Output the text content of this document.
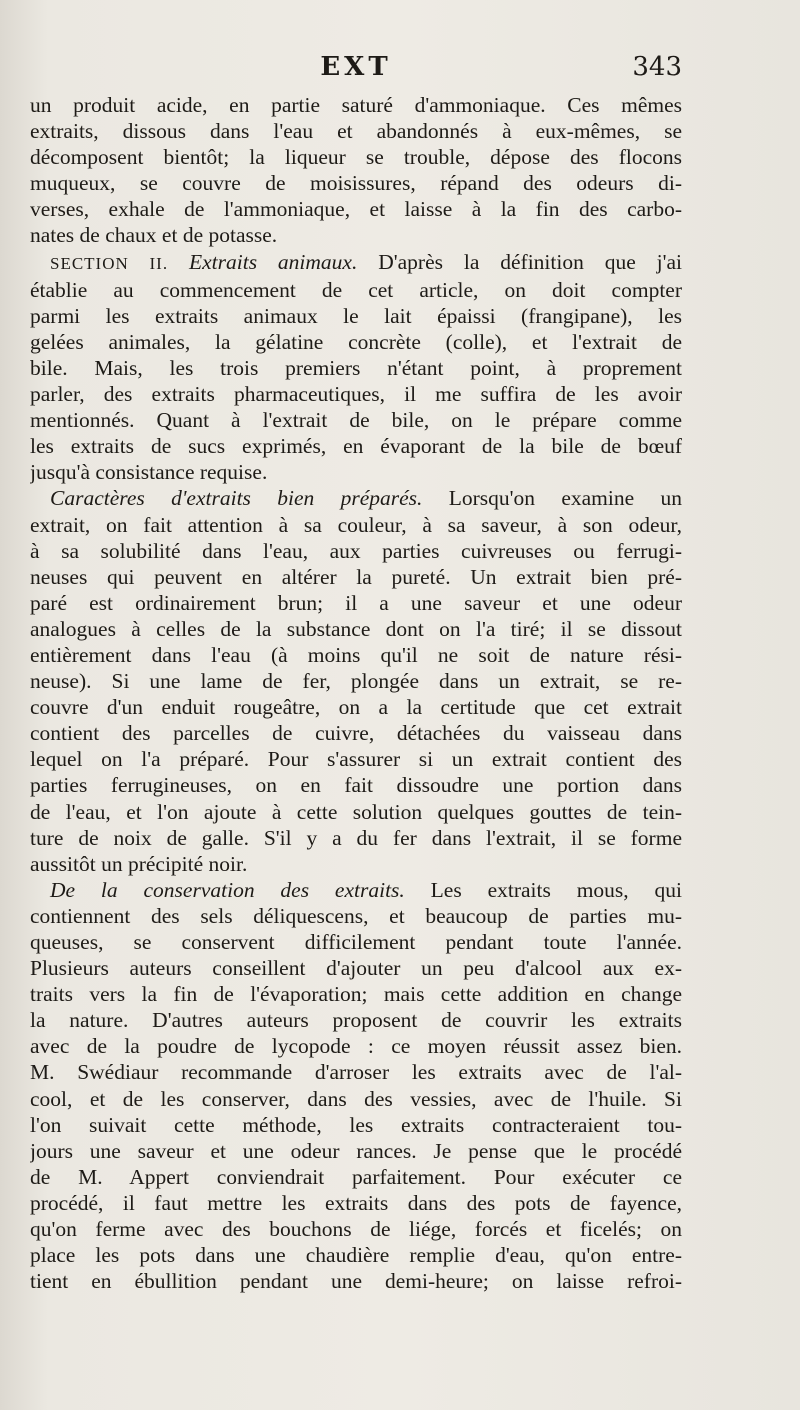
EXT	343
un produit acide, en partie saturé d'ammoniaque. Ces mêmes
extraits, dissous dans l'eau et abandonnés à eux-mêmes, se
décomposent bientôt; la liqueur se trouble, dépose des flocons
muqueux, se couvre de moisissures, répand des odeurs di-
verses, exhale de l'ammoniaque, et laisse à la fin des carbo-
nates de chaux et de potasse.
SECTION II. Extraits animaux. D'après la définition que j'ai
établie au commencement de cet article, on doit compter
parmi les extraits animaux le lait épaissi (frangipane), les
gelées animales, la gélatine concrète (colle), et l'extrait de
bile. Mais, les trois premiers n'étant point, à proprement
parler, des extraits pharmaceutiques, il me suffira de les avoir
mentionnés. Quant à l'extrait de bile, on le prépare comme
les extraits de sucs exprimés, en évaporant de la bile de bœuf
jusqu'à consistance requise.
Caractères d'extraits bien préparés. Lorsqu'on examine un
extrait, on fait attention à sa couleur, à sa saveur, à son odeur,
à sa solubilité dans l'eau, aux parties cuivreuses ou ferrugi-
neuses qui peuvent en altérer la pureté. Un extrait bien pré-
paré est ordinairement brun; il a une saveur et une odeur
analogues à celles de la substance dont on l'a tiré; il se dissout
entièrement dans l'eau (à moins qu'il ne soit de nature rési-
neuse). Si une lame de fer, plongée dans un extrait, se re-
couvre d'un enduit rougeâtre, on a la certitude que cet extrait
contient des parcelles de cuivre, détachées du vaisseau dans
lequel on l'a préparé. Pour s'assurer si un extrait contient des
parties ferrugineuses, on en fait dissoudre une portion dans
de l'eau, et l'on ajoute à cette solution quelques gouttes de tein-
ture de noix de galle. S'il y a du fer dans l'extrait, il se forme
aussitôt un précipité noir.
De la conservation des extraits. Les extraits mous, qui
contiennent des sels déliquescens, et beaucoup de parties mu-
queuses, se conservent difficilement pendant toute l'année.
Plusieurs auteurs conseillent d'ajouter un peu d'alcool aux ex-
traits vers la fin de l'évaporation; mais cette addition en change
la nature. D'autres auteurs proposent de couvrir les extraits
avec de la poudre de lycopode : ce moyen réussit assez bien.
M. Swédiaur recommande d'arroser les extraits avec de l'al-
cool, et de les conserver, dans des vessies, avec de l'huile. Si
l'on suivait cette méthode, les extraits contracteraient tou-
jours une saveur et une odeur rances. Je pense que le procédé
de M. Appert conviendrait parfaitement. Pour exécuter ce
procédé, il faut mettre les extraits dans des pots de fayence,
qu'on ferme avec des bouchons de liége, forcés et ficelés; on
place les pots dans une chaudière remplie d'eau, qu'on entre-
tient en ébullition pendant une demi-heure; on laisse refroi-
